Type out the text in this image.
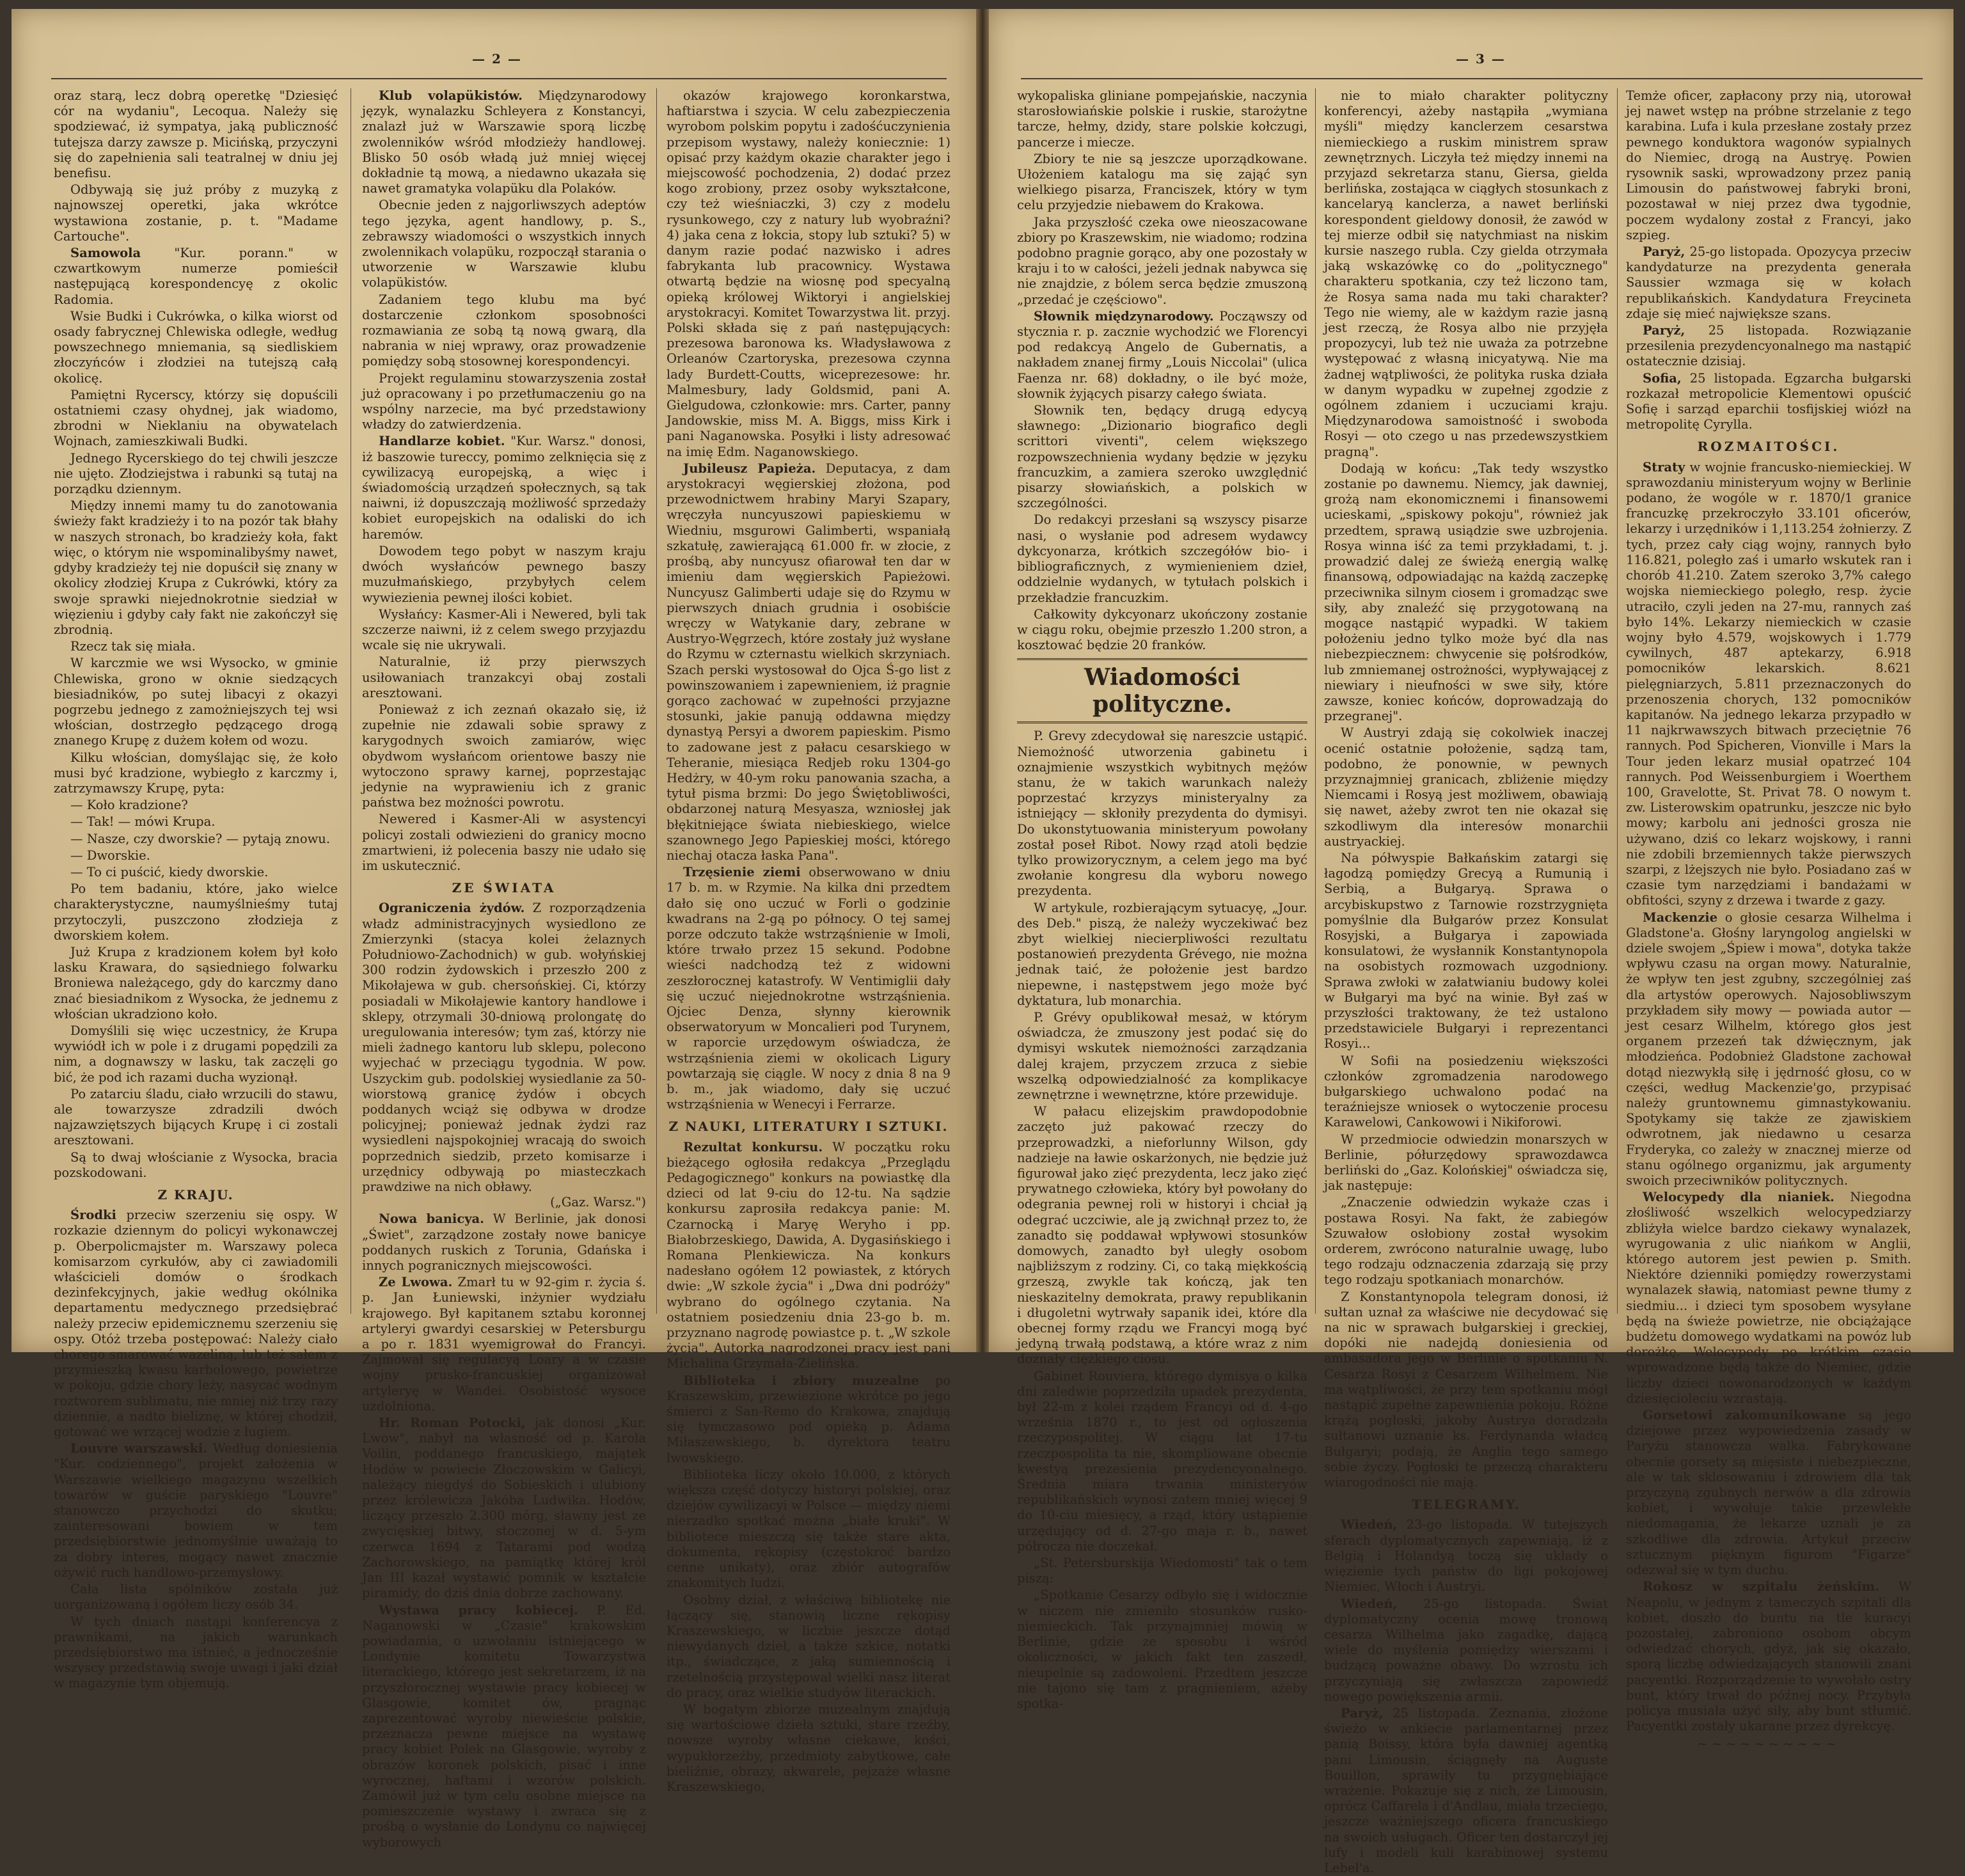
— 2 —

oraz starą, lecz dobrą operetkę "Dziesięć cór na wydaniu", Lecoqua. Należy się spodziewać, iż sympatya, jaką publiczność tutejsza darzy zawsze p. Micińską, przyczyni się do zapełnienia sali teatralnej w dniu jej benefisu.

Odbywają się już próby z muzyką z najnowszej operetki, jaka wkrótce wystawiona zostanie, p. t. "Madame Cartouche".

Samowola "Kur. porann." w czwartkowym numerze pomieścił następującą korespondencyę z okolic Radomia.

Wsie Budki i Cukrówka, o kilka wiorst od osady fabrycznej Chlewiska odległe, według powszechnego mniemania, są siedliskiem złoczyńców i złodziei na tutejszą całą okolicę.

Pamiętni Rycerscy, którzy się dopuścili ostatniemi czasy ohydnej, jak wiadomo, zbrodni w Nieklaniu na obywatelach Wojnach, zamieszkiwali Budki.

Jednego Rycerskiego do tej chwili jeszcze nie ujęto. Złodziejstwa i rabunki są tutaj na porządku dziennym.

Między innemi mamy tu do zanotowania świeży fakt kradzieży i to na pozór tak błahy w naszych stronach, bo kradzieży koła, fakt więc, o którym nie wspominalibyśmy nawet, gdyby kradzieży tej nie dopuścił się znany w okolicy złodziej Krupa z Cukrówki, który za swoje sprawki niejednokrotnie siedział w więzieniu i gdyby cały fakt nie zakończył się zbrodnią.

Rzecz tak się miała.

W karczmie we wsi Wysocko, w gminie Chlewiska, grono w oknie siedzących biesiadników, po sutej libacyi z okazyi pogrzebu jednego z zamożniejszych tej wsi włościan, dostrzegło pędzącego drogą znanego Krupę z dużem kołem od wozu.

Kilku włościan, domyślając się, że koło musi być kradzione, wybiegło z karczmy i, zatrzymawszy Krupę, pyta:

— Koło kradzione?

— Tak! — mówi Krupa.

— Nasze, czy dworskie? — pytają znowu.

— Dworskie.

— To ci puścić, kiedy dworskie.

Po tem badaniu, które, jako wielce charakterystyczne, naumyślnieśmy tutaj przytoczyli, puszczono złodzieja z dworskiem kołem.

Już Krupa z kradzionem kołem był koło lasku Krawara, do sąsiedniego folwarku Broniewa należącego, gdy do karczmy dano znać biesiadnikom z Wysocka, że jednemu z włościan ukradziono koło.

Domyślili się więc uczestnicy, że Krupa wywiódł ich w pole i z drugami popędzili za nim, a dognawszy w lasku, tak zaczęli go bić, że pod ich razami ducha wyzionął.

Po zatarciu śladu, ciało wrzucili do stawu, ale towarzysze zdradzili dwóch najzawziętszych bijących Krupę i ci zostali aresztowani.

Są to dwaj włościanie z Wysocka, bracia pozskodowani.

Z KRAJU.

Środki przeciw szerzeniu się ospy. W rozkazie dziennym do policyi wykonawczej p. Oberpolicmajster m. Warszawy poleca komisarzom cyrkułów, aby ci zawiadomili właścicieli domów o środkach dezinfekcyjnych, jakie według okólnika departamentu medycznego przedsiębrać należy przeciw epidemicznemu szerzeniu się ospy. Otóż trzeba postępować: Należy ciało chorego smarować wazeliną, lub też sałem z przymieszką kwasu karbolowego, powietrze w pokoju, gdzie chory leży, nasycać wodnym roztworem sublimatu, nie mniej niż trzy razy dziennie, a nadto bieliznę, w której chodził, gotować we wrzącej wodzie z ługiem.

Louvre warszawski. Według doniesienia "Kur. codziennego", projekt założenia w Warszawie wielkiego magazynu wszelkich towarów w guście paryskiego "Louvre" stanowczo przychodzi do skutku; zainteresowani bowiem w tem przedsiębiorstwie jednomyślnie uważają to za dobry interes, mogący nawet znacznie ożywić ruch handlowo-przemysłowy.

Cała lista spólników została już uorganizowaną i ogółem liczy osób 34.

W tych dniach nastąpi konferencya z prawnikami, na jakich warunkach przedsiębiorstwo ma istnieć, a jednocześnie wszyscy przedstawią swoje uwagi i jaki dział w magazynie tym objemują.

Klub volapükistów. Międzynarodowy język, wynalazku Schleyera z Konstancyi, znalazł już w Warszawie sporą liczbę zwolenników wśród młodzieży handlowej. Blisko 50 osób władą już mniej więcej dokładnie tą mową, a niedawno ukazała się nawet gramatyka volapüku dla Polaków.

Obecnie jeden z najgorliwszych adeptów tego języka, agent handlowy, p. S., zebrawszy wiadomości o wszystkich innych zwolennikach volapüku, rozpoczął starania o utworzenie w Warszawie klubu volapükistów.

Zadaniem tego klubu ma być dostarczenie członkom sposobności rozmawiania ze sobą tą nową gwarą, dla nabrania w niej wprawy, oraz prowadzenie pomiędzy sobą stosownej korespondencyi.

Projekt regulaminu stowarzyszenia został już opracowany i po przetłumaczeniu go na wspólny narzecie, ma być przedstawiony władzy do zatwierdzenia.

Handlarze kobiet. "Kur. Warsz." donosi, iż baszowie tureccy, pomimo zelknięcia się z cywilizacyą europejską, a więc i świadomością urządzeń społecznych, są tak naiwni, iż dopuszczają możliwość sprzedaży kobiet europejskich na odaliski do ich haremów.

Dowodem tego pobyt w naszym kraju dwóch wysłańców pewnego baszy muzułmańskiego, przybyłych celem wywiezienia pewnej ilości kobiet.

Wysłańcy: Kasmer-Ali i Newered, byli tak szczerze naiwni, iż z celem swego przyjazdu wcale się nie ukrywali.

Naturalnie, iż przy pierwszych usiłowaniach tranzakcyi obaj zostali aresztowani.

Ponieważ z ich zeznań okazało się, iż zupełnie nie zdawali sobie sprawy z karygodnych swoich zamiarów, więc obydwom wysłańcom orientowe baszy nie wytoczono sprawy karnej, poprzestając jedynie na wyprawieniu ich z granic państwa bez możności powrotu.

Newered i Kasmer-Ali w asystencyi policyi zostali odwiezieni do granicy mocno zmartwieni, iż polecenia baszy nie udało się im uskutecznić.

ZE ŚWIATA

Ograniczenia żydów. Z rozporządzenia władz administracyjnych wysiedlono ze Zmierzynki (stacya kolei żelaznych Południowo-Zachodnich) w gub. wołyńskiej 300 rodzin żydowskich i przeszło 200 z Mikołajewa w gub. chersońskiej. Ci, którzy posiadali w Mikołajewie kantory handlowe i sklepy, otrzymali 30-dniową prolongatę do uregulowania interesów; tym zaś, którzy nie mieli żadnego kantoru lub sklepu, polecono wyjechać w przeciągu tygodnia. W pow. Uszyckim gub. podolskiej wysiedlanie za 50-wiorstową granicę żydów i obcych poddanych wciąż się odbywa w drodze policyjnej; ponieważ jednak żydzi raz wysiedleni najspokojniej wracają do swoich poprzednich siedzib, przeto komisarze i urzędnicy odbywają po miasteczkach prawdziwe na nich obławy.
(„Gaz. Warsz.")

Nowa banicya. W Berlinie, jak donosi „Świet", zarządzone zostały nowe banicye poddanych ruskich z Torunia, Gdańska i innych pogranicznych miejscowości.

Ze Lwowa. Zmarł tu w 92-gim r. życia ś. p. Jan Łuniewski, inżynier wydziału krajowego. Był kapitanem sztabu koronnej artyleryi gwardyi cesarskiej w Petersburgu a po r. 1831 wyemigrował do Francyi. Zajmował się regulacyą Loary a w czasie wojny prusko-francuskiej organizował artyleryę w Wandei. Osobistość wysoce uzdolniona.

Hr. Roman Potocki, jak donosi „Kur. Lwow", nabył na własność od p. Karola Voilin, poddanego francuskiego, majątek Hodów w powiecie Złoczowskim w Galicyi, należący niegdyś do Sobieskich i ulubiony przez królewicza Jakóba Ludwika. Hodów, liczący przeszło 2.300 mórg, sławny jest ze zwycięskiej bitwy, stoczonej w d. 5-ym czerwca 1694 z Tatarami pod wodzą Zachorowskiego, na pamiątkę której król Jan III kazał wystawić pomnik w kształcie piramidy, do dziś dnia dobrze zachowany.

Wystawa pracy kobiecej. P. Ed. Naganowski w „Czasie" krakowskim powiadamia, o uzwołaniu istniejącego w Londynie komitetu Towarzystwa literackiego, którego jest sekretarzem, iż na przyszłorocznej wystawie pracy kobiecej w Glasgowie, komitet ów, pragnąc zaprezentować wyroby niewieście polskie, przeznacza pewne miejsce na wystawę pracy kobiet Polek na Glasgowie, wyroby z obrazów koronek polskich, pisać i inne wyrocznej, haftami i wzorów polskich. Zamówił już w tym celu osobne miejsce na pomieszczenie wystawy i zwraca się z prośbą o wysłanie do Londynu co najwięcej wyborowych

okazów krajowego koronkarstwa, haftiarstwa i szycia. W celu zabezpieczenia wyrobom polskim popytu i zadośćuczynienia przepisom wystawy, należy koniecznie: 1) opisać przy każdym okazie charakter jego i miejscowość pochodzenia, 2) dodać przez kogo zrobiony, przez osoby wykształcone, czy też wieśniaczki, 3) czy z modelu rysunkowego, czy z natury lub wyobraźni? 4) jaka cena z łokcia, stopy lub sztuki? 5) w danym razie podać nazwisko i adres fabrykanta lub pracownicy. Wystawa otwartą będzie na wiosnę pod specyalną opieką królowej Wiktoryi i angielskiej arystokracyi. Komitet Towarzystwa lit. przyj. Polski składa się z pań następujących: prezesowa baronowa ks. Władysławowa z Orleanów Czartoryska, prezesowa czynna lady Burdett-Coutts, wiceprezesowe: hr. Malmesbury, lady Goldsmid, pani A. Gielgudowa, członkowie: mrs. Carter, panny Jandowskie, miss M. A. Biggs, miss Kirk i pani Naganowska. Posyłki i listy adresować na imię Edm. Naganowskiego.

Jubileusz Papieża. Deputacya, z dam arystokracyi węgierskiej złożona, pod przewodnictwem hrabiny Maryi Szapary, wręczyła nuncyuszowi papieskiemu w Wiedniu, msgurowi Galimberti, wspaniałą szkatułę, zawierającą 61.000 fr. w złocie, z prośbą, aby nuncyusz ofiarował ten dar w imieniu dam węgierskich Papieżowi. Nuncyusz Galimberti udaje się do Rzymu w pierwszych dniach grudnia i osobiście wręczy w Watykanie dary, zebrane w Austryo-Węgrzech, które zostały już wysłane do Rzymu w czternastu wielkich skrzyniach. Szach perski wystosował do Ojca Ś-go list z powinszowaniem i zapewnieniem, iż pragnie gorąco zachować w zupełności przyjazne stosunki, jakie panują oddawna między dynastyą Persyi a dworem papieskim. Pismo to zadowane jest z pałacu cesarskiego w Teheranie, miesiąca Redjeb roku 1304-go Hedżry, w 40-ym roku panowania szacha, a tytuł pisma brzmi: Do jego Świętobliwości, obdarzonej naturą Mesyasza, wzniosłej jak błękitniejące świata niebieskiego, wielce szanownego Jego Papieskiej mości, którego niechaj otacza łaska Pana".

Trzęsienie ziemi obserwowano w dniu 17 b. m. w Rzymie. Na kilka dni przedtem dało się ono uczuć w Forli o godzinie kwadrans na 2-gą po północy. O tej samej porze odczuto także wstrząśnienie w Imoli, które trwało przez 15 sekund. Podobne wieści nadchodzą też z widowni zeszłorocznej katastrofy. W Ventimiglii dały się uczuć niejednokrotne wstrząśnienia. Ojciec Denza, słynny kierownik obserwatoryum w Moncalieri pod Turynem, w raporcie urzędowym oświadcza, że wstrząśnienia ziemi w okolicach Ligury powtarzają się ciągle. W nocy z dnia 8 na 9 b. m., jak wiadomo, dały się uczuć wstrząśnienia w Wenecyi i Ferrarze.

Z NAUKI, LITERATURY I SZTUKI.

Rezultat konkursu. W początku roku bieżącego ogłosiła redakcya „Przeglądu Pedagogicznego" konkurs na powiastkę dla dzieci od lat 9-ciu do 12-tu. Na sądzie konkursu zaprosiła redakcya panie: M. Czarnocką i Maryę Weryho i pp. Białobrzeskiego, Dawida, A. Dygasińskiego i Romana Plenkiewicza. Na konkurs nadesłano ogółem 12 powiastek, z których dwie: „W szkole życia" i „Dwa dni podróży" wybrano do ogólnego czytania. Na ostatniem posiedzeniu dnia 23-go b. m. przyznano nagrodę powiastce p. t. „W szkole życia". Autorką nagrodzonej pracy jest pani Michalina Grzymała-Zielińska.

Biblioteka i zbiory muzealne po Kraszewskim, przewiezione wkrótce po jego śmierci z San-Remo do Krakowa, znajdują się tymczasowo pod opieką p. Adama Miłaszewskiego, b. dyrektora teatru lwowskiego.

Biblioteka liczy około 10.000, z których większa część dotyczy historyi polskiej, oraz dziejów cywilizacyi w Polsce — między niemi nierzadko spotkać można „białe kruki". W bibliotece mieszczą się także stare akta, dokumenta, rękopisy (częstokroć bardzo cenne unikaty), oraz zbiór autografów znakomitych ludzi.

Osobny dział, z właściwą bibliotekę nie łączący się, stanowią liczne rękopisy Kraszewskiego, w liczbie jeszcze dotąd niewydanych dzieł, a także szkice, notatki itp., świadczące, z jaką sumiennością i rzetelnością przystępował wielki nasz literat do pracy, oraz wielkie studyów literackich.

W bogatym zbiorze muzealnym znajdują się wartościowe dzieła sztuki, stare rzeźby, nowsze wyroby własne ciekawe, kości, wypukłorzeźby, przedmioty zabytkowe, całe bieliźnie, obrazy, akwarele, pejzaże własne Kraszewskiego,

— 3 —

wykopaliska gliniane pompejańskie, naczynia starosłowiańskie polskie i ruskie, starożytne tarcze, hełmy, dzidy, stare polskie kołczugi, pancerze i miecze.

Zbiory te nie są jeszcze uporządkowane. Ułożeniem katalogu ma się zająć syn wielkiego pisarza, Franciszek, który w tym celu przyjedzie niebawem do Krakowa.

Jaka przyszłość czeka owe nieoszacowane zbiory po Kraszewskim, nie wiadomo; rodzina podobno pragnie gorąco, aby one pozostały w kraju i to w całości, jeżeli jednak nabywca się nie znajdzie, z bólem serca będzie zmuszoną „przedać je częściowo".

Słownik międzynarodowy. Począwszy od stycznia r. p. zacznie wychodzić we Florencyi pod redakcyą Angelo de Gubernatis, a nakładem znanej firmy „Louis Niccolai" (ulica Faenza nr. 68) dokładny, o ile być może, słownik żyjących pisarzy całego świata.

Słownik ten, będący drugą edycyą sławnego: „Dizionario biografico degli scrittori viventi", celem większego rozpowszechnienia wydany będzie w języku francuzkim, a zamiera szeroko uwzględnić pisarzy słowiańskich, a polskich w szczególności.

Do redakcyi przesłani są wszyscy pisarze nasi, o wysłanie pod adresem wydawcy dykcyonarza, krótkich szczegółów bio- i bibliograficznych, z wymienieniem dzieł, oddzielnie wydanych, w tytułach polskich i przekładzie francuzkim.

Całkowity dykcyonarz ukończony zostanie w ciągu roku, obejmie przeszło 1.200 stron, a kosztować będzie 20 franków.

Wiadomości polityczne.

P. Grevy zdecydował się nareszcie ustąpić. Niemożność utworzenia gabinetu i oznajmienie wszystkich wybitnych mężów stanu, że w takich warunkach należy poprzestać krzyzys ministeryalny za istniejący — skłoniły prezydenta do dymisyi. Do ukonstytuowania ministeryum powołany został poseł Ribot. Nowy rząd atoli będzie tylko prowizorycznym, a celem jego ma być zwołanie kongresu dla wyboru nowego prezydenta.

W artykule, rozbierającym sytuacyę, „Jour. des Deb." piszą, że należy wyczekiwać bez zbyt wielkiej niecierpliwości rezultatu postanowień prezydenta Grévego, nie można jednak taić, że położenie jest bardzo niepewne, i następstwem jego może być dyktatura, lub monarchia.

P. Grévy opublikował mesaż, w którym oświadcza, że zmuszony jest podać się do dymisyi wskutek niemożności zarządzania dalej krajem, przyczem zrzuca z siebie wszelką odpowiedzialność za komplikacye zewnętrzne i wewnętrzne, które przewiduje.

W pałacu elizejskim prawdopodobnie zaczęto już pakować rzeczy do przeprowadzki, a nieforlunny Wilson, gdy nadzieje na ławie oskarżonych, nie będzie już figurował jako zięć prezydenta, lecz jako zięć prywatnego człowieka, który był powołany do odegrania pewnej roli w historyi i chciał ją odegrać uczciwie, ale ją zwichnął przez to, że zanadto się poddawał wpływowi stosunków domowych, zanadto był uległy osobom najbliższym z rodziny. Ci, co taką miękkością grzeszą, zwykle tak kończą, jak ten nieskazitelny demokrata, prawy republikanin i długoletni wytrwały sapanik idei, które dla obecnej formy rządu we Francyi mogą być jedyną trwałą podstawą, a które wraz z nim doznały ciężkiego ciosu.

Gabinet Rouviera, którego dymisya o kilka dni zaledwie poprzedziła upadek prezydenta, był 22-m z kolei rządem Francyi od d. 4-go września 1870 r., to jest od ogłoszenia rzeczypospolitej. W ciągu lat 17-tu rzeczpospolita ta nie, skompliowane obecnie kwestyą prezesienia prezydencyonalnego. Średnia miara trwania ministeryów republikańskich wynosi zatem mniej więcej 9 do 10-ciu miesięcy, a rząd, który ustąpienie urzędujący od d. 27-go maja r. b., nawet półrocza nie doczekał.

„St. Petersburskija Wiedomosti" tak o tem piszą:

„Spotkanie Cesarzy odbyło się i widocznie w niczem nie zmieniło stosunków rusko-niemieckich. Tak przynajmniej mówią w Berlinie, gdzie ze sposobu i wśród okoliczności, w jakich fakt ten zaszedł, nieupelnie są zadowoleni. Przedtem jeszcze nie tajono się tam z pragnieniem, ażeby spotka-

nie to miało charakter polityczny konferencyi, ażeby nastąpiła „wymiana myśli" między kanclerzem cesarstwa niemieckiego a ruskim ministrem spraw zewnętrznych. Liczyła też między innemi na przyjazd sekretarza stanu, Giersa, gielda berlińska, zostająca w ciągłych stosunkach z kancelaryą kanclerza, a nawet berliński korespondent gieldowy donosił, że zawód w tej mierze odbił się natychmiast na niskim kursie naszego rubla. Czy gielda otrzymała jaką wskazówkę co do „politycznego" charakteru spotkania, czy też liczono tam, że Rosya sama nada mu taki charakter? Tego nie wiemy, ale w każdym razie jasną jest rzeczą, że Rosya albo nie przyjęła propozycyi, lub też nie uważa za potrzebne występować z własną inicyatywą. Nie ma żadnej wątpliwości, że polityka ruska działa w danym wypadku w zupełnej zgodzie z ogólnem zdaniem i uczuciami kraju. Międzynarodowa samoistność i swoboda Rosyi — oto czego u nas przedewszystkiem pragną".

Dodają w końcu: „Tak tedy wszystko zostanie po dawnemu. Niemcy, jak dawniej, grożą nam ekonomicznemi i finansowemi ucieskami, „spiskowy pokoju", również jak przedtem, sprawą usiądzie swe uzbrojenia. Rosya winna iść za temi przykładami, t. j. prowadzić dalej ze świeżą energią walkę finansową, odpowiadając na każdą zaczepkę przeciwnika silnym ciosem i gromadząc swe siły, aby znaleźć się przygotowaną na mogące nastąpić wypadki. W takiem położeniu jedno tylko może być dla nas niebezpiecznem: chwycenie się połśrodków, lub zmniemanej ostrożności, wypływającej z niewiary i nieufności w swe siły, które zawsze, koniec końców, doprowadzają do przegranej".

W Austryi zdają się cokolwiek inaczej ocenić ostatnie położenie, sądzą tam, podobno, że ponownie, w pewnych przyznajmniej granicach, zbliżenie między Niemcami i Rosyą jest możliwem, obawiają się nawet, ażeby zwrot ten nie okazał się szkodliwym dla interesów monarchii austryackiej.

Na półwyspie Bałkańskim zatargi się łagodzą pomiędzy Grecyą a Rumunią i Serbią, a Bułgaryą. Sprawa o arcybiskupstwo z Tarnowie rozstrzygnięta pomyślnie dla Bułgarów przez Konsulat Rosyjski, a Bułgarya i zapowiada konsulatowi, że wysłannik Konstantynopola na osobistych rozmowach uzgodniony. Sprawa zwłoki w załatwianiu budowy kolei w Bułgaryi ma być na winie. Był zaś w przyszłości traktowany, że też ustalono przedstawiciele Bułgaryi i reprezentanci Rosyi...

W Sofii na posiedzeniu większości członków zgromadzenia narodowego bułgarskiego uchwalono podać na teraźniejsze wniosek o wytoczenie procesu Karawelowi, Cankowowi i Nikiforowi.

W przedmiocie odwiedzin monarszych w Berlinie, półurzędowy sprawozdawca berliński do „Gaz. Kolońskiej" oświadcza się, jak następuje:

„Znaczenie odwiedzin wykaże czas i postawa Rosyi. Na fakt, że zabiegów Szuwałow osłobiony został wysokim orderem, zwrócono naturalnie uwagę, lubo tego rodzaju odznaczenia zdarzają się przy tego rodzaju spotkaniach monarchów.

Z Konstantynopola telegram donosi, iż sułtan uznał za właściwe nie decydować się na nic w sprawach bułgarskiej i greckiej, dopóki nie nadejdą doniesienia od ambasadora jego w Berlinie o spotkaniu N. Cesarza Rosyi z Cesarzem Wilhelmem. Nie ma wątpliwości, że przy tem spotkaniu mógł nastąpić zupełne zapewnienia pokoju. Różne krążą pogłoski, jakoby Austrya doradzała sułtanowi uznanie ks. Ferdynanda władcą Bułgaryi; podają, że Anglia tego samego sobie życzy. Pogłoski te przeczą charakteru wiarogodności nie mają.

TELEGRAMY.

Wiedeń, 23-go listopada. W tutejszych sferach dyplomatycznych zapewniają, iż z Belgią i Holandyą toczą się układy o więzienie tych państw do ligi pokojowej Niemiec, Włoch i Austryi.

Wiedeń, 25-go listopada. Świat dyplomatyczny ocenia mowę tronową cesarza Wilhelma jako zagadkę, dającą wiele do myślenia pomiędzy wierszami i budzącą poważne obawy. Do wzrostu ich przyczyniają się zwłaszcza zapowiedź nowego powiększenia armii.

Paryż, 25 listopada. Zeznania, złożone świeżo w ankiecie parlamentarnej przez panią Boissy, która była dawniej agentką pani Limousin, ściągnęły na Auguste Bouillon, sprawiły tu przygnębiające wrażenie. Pokazuje się z nich, że Limousin, oprócz Caffarela i d'Andlau, miała trzeciego, jeszcze ważniejszego oficera francuskiego na swoich usługach. Oficer ten dostarczył jej lufy i modeli kuli karabinowej systemu Lebel'a.

Temże oficer, zapłacony przy nią, utorował jej nawet wstęp na próbne strzelanie z tego karabina. Lufa i kula przesłane zostały przez pewnego konduktora wagonów sypialnych do Niemiec, drogą na Austryę. Powien rysownik saski, wprowadzony przez panią Limousin do państwowej fabryki broni, pozostawał w niej przez dwa tygodnie, poczem wydalony został z Francyi, jako szpieg.

Paryż, 25-go listopada. Opozycya przeciw kandydaturze na prezydenta generała Saussier wzmaga się w kołach republikańskich. Kandydatura Freycineta zdaje się mieć największe szans.

Paryż, 25 listopada. Rozwiązanie przesilenia prezydencyonalnego ma nastąpić ostatecznie dzisiaj.

Sofia, 25 listopada. Egzarcha bułgarski rozkazał metropolicie Klementowi opuścić Sofię i sarząd eparchii tosfijskiej wiózł na metropolitę Cyrylla.

ROZMAITOŚCI.

Straty w wojnie francusko-niemieckiej. W sprawozdaniu ministeryum wojny w Berlinie podano, że wogóle w r. 1870/1 granice francuzkę przekroczyło 33.101 oficerów, lekarzy i urzędników i 1,113.254 żołnierzy. Z tych, przez cały ciąg wojny, rannych było 116.821, poległo zaś i umarło wskutek ran i chorób 41.210. Zatem szeroko 3,7% całego wojska niemieckiego poległo, resp. życie utraciło, czyli jeden na 27-mu, rannych zaś było 14%. Lekarzy niemieckich w czasie wojny było 4.579, wojskowych i 1.779 cywilnych, 487 aptekarzy, 6.918 pomocników lekarskich. 8.621 pielęgniarzych, 5.811 przeznaczonych do przenoszenia chorych, 132 pomocników kapitanów. Na jednego lekarza przypadło w 11 najkrwawszych bitwach przeciętnie 76 rannych. Pod Spicheren, Vionville i Mars la Tour jeden lekarz musiał opatrzeć 104 rannych. Pod Weissenburgiem i Woerthem 100, Gravelotte, St. Privat 78. O nowym t. zw. Listerowskim opatrunku, jeszcze nic było mowy; karbolu ani jedności grosza nie używano, dziś co lekarz wojskowy, i ranni nie zdobili brzemiennych także pierwszych szarpi, z lżejszych nie było. Posiadano zaś w czasie tym narzędziami i bandażami w obfitości, szyny z drzewa i twarde z gazy.

Mackenzie o głosie cesarza Wilhelma i Gladstone'a. Głośny laryngolog angielski w dziele swojem „Śpiew i mowa", dotyka także wpływu czasu na organ mowy. Naturalnie, że wpływ ten jest zgubny, szczególniej zaś dla artystów operowych. Najosobliwszym przykładem siły mowy — powiada autor — jest cesarz Wilhelm, którego głos jest organem przezeń tak dźwięcznym, jak młodzieńca. Podobnież Gladstone zachował dotąd niezwykłą siłę i jędrność głosu, co w części, według Mackenzie'go, przypisać należy gruntownemu gimnastykowaniu. Spotykamy się także ze zjawiskiem odwrotnem, jak niedawno u cesarza Fryderyka, co zależy w znacznej mierze od stanu ogólnego organizmu, jak argumenty swoich przeciwników politycznych.

Welocypedy dla nianiek. Niegodna złośliwość wszelkich welocypedziarzy zbliżyła wielce bardzo ciekawy wynalazek, wyrugowania z ulic niańkom w Anglii, którego autorem jest pewien p. Smith. Niektóre dzienniki pomiędzy rowerzystami wynalazek sławią, natomiast pewne tłumy z siedmiu... i dzieci tym sposobem wysyłane będą na świeże powietrze, nie obciążające budżetu domowego wydatkami na powóz lub dorożkę. Welocypedy po krótkim czasie wprowadzone będą także do Niemiec, gdzie liczby dzieci nowonarodzonych w każdym dziesięcioleciu wzrastają.

Gorsetowi zakomunikowane są jego dziejowe przez wypowiedzenia zasady w Paryżu stanowcza walka. Fabrykowane obecnie gorsety są mięsiste i niebezpieczne, ale w tak sklosowaniu i zdrowiem dla tak przyczyną zgubnych nerwów a dla zdrowia kobiet, i wywołuje takie przewlekłe niedomagania, że lekarze uznali je za szkodliwe dla zdrowia. Artykuł przeciw sztucznym pięknym figurom "Figarze" odezwał się w tym duchu.

Rokosz w szpitalu żeńskim. W Neapolu, w jednym z tameczych szpitali dla kobiet, doszło do buntu na tle kuracyi pozostałej, zabroniono osobom obcym odwiedzać chorych, gdyż, jak się okazało, sporą liczbę odwiedzających stanowili znani pacyentki. Rozporządzenie to wywołało ostry bunt, który trwał do późnej nocy. Przybyła policya musiała użyć siły, aby bunt stłumić. Pacyentki zostały ukarane przez dyrekcyę.

~~~~~~~~~~
